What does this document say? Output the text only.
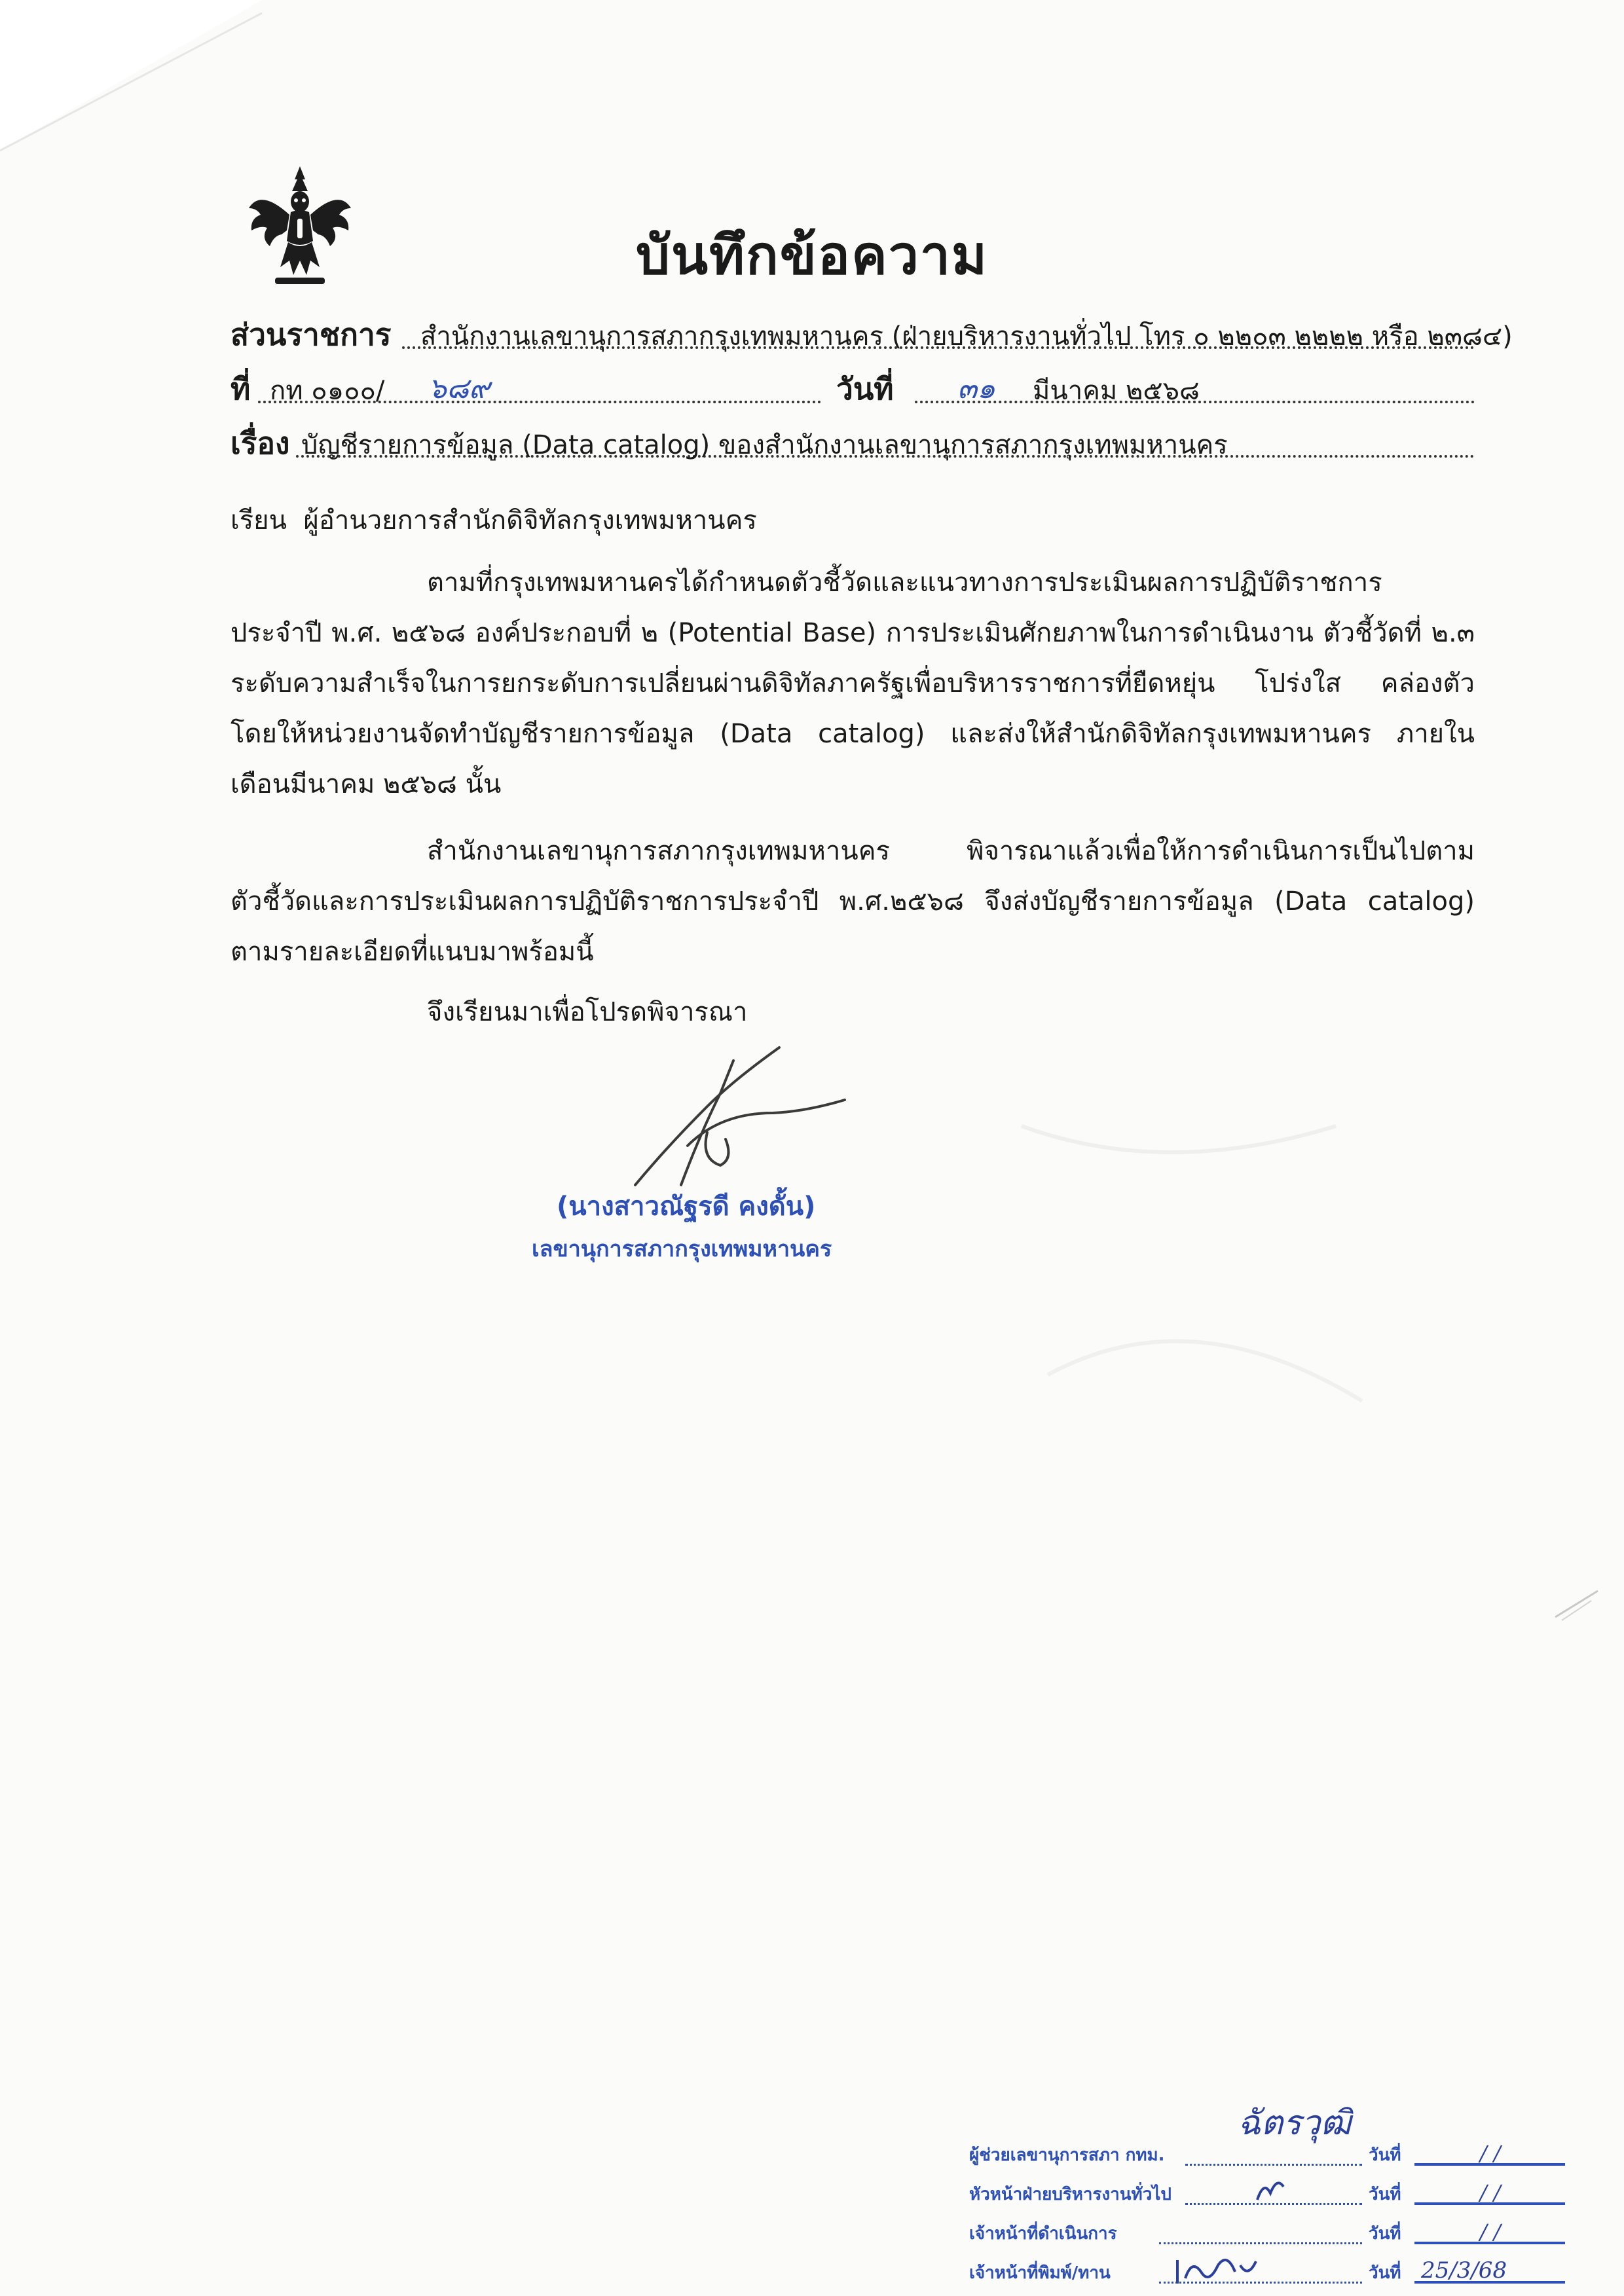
บันทึกข้อความ
ส่วนราชการ สำนักงานเลขานุการสภากรุงเทพมหานคร (ฝ่ายบริหารงานทั่วไป โทร ๐ ๒๒๐๓ ๒๒๒๒ หรือ ๒๓๘๔)
ที่ กท ๐๑๐๐/ ๖๘๙	วันที่ ๓๑ มีนาคม ๒๕๖๘
เรื่อง บัญชีรายการข้อมูล (Data catalog) ของสำนักงานเลขานุการสภากรุงเทพมหานคร
เรียน ผู้อำนวยการสำนักดิจิทัลกรุงเทพมหานคร
ตามที่กรุงเทพมหานครได้กำหนดตัวชี้วัดและแนวทางการประเมินผลการปฏิบัติราชการ
ประจำปี พ.ศ. ๒๕๖๘ องค์ประกอบที่ ๒ (Potential Base) การประเมินศักยภาพในการดำเนินงาน ตัวชี้วัดที่ ๒.๓
ระดับความสำเร็จในการยกระดับการเปลี่ยนผ่านดิจิทัลภาครัฐเพื่อบริหารราชการที่ยืดหยุ่น โปร่งใส คล่องตัว
โดยให้หน่วยงานจัดทำบัญชีรายการข้อมูล (Data catalog) และส่งให้สำนักดิจิทัลกรุงเทพมหานคร ภายใน
เดือนมีนาคม ๒๕๖๘ นั้น
สำนักงานเลขานุการสภากรุงเทพมหานคร พิจารณาแล้วเพื่อให้การดำเนินการเป็นไปตาม
ตัวชี้วัดและการประเมินผลการปฏิบัติราชการประจำปี พ.ศ.๒๕๖๘ จึงส่งบัญชีรายการข้อมูล (Data catalog)
ตามรายละเอียดที่แนบมาพร้อมนี้
จึงเรียนมาเพื่อโปรดพิจารณา
(นางสาวณัฐรดี คงดั้น)
เลขานุการสภากรุงเทพมหานคร
ฉัตรวุฒิ
ผู้ช่วยเลขานุการสภา กทม.	วันที่	/ /
หัวหน้าฝ่ายบริหารงานทั่วไป	วันที่	/ /
เจ้าหน้าที่ดำเนินการ	วันที่	/ /
เจ้าหน้าที่พิมพ์/ทาน	วันที่ 25/3/68
